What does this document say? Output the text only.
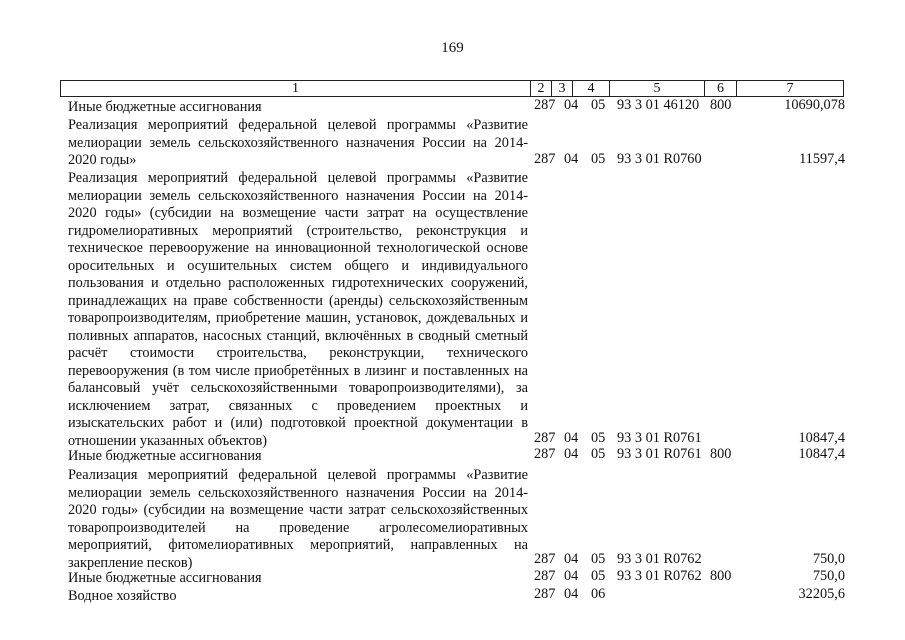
169
1	2	3	4	5	6	7
Иные бюджетные ассигнования	287 04 05 93 3 01 46120 800	10690,078
Реализация мероприятий федеральной целевой программы «Развитие мелиорации земель сельскохозяйственного назначения России на 2014-2020 годы»	287 04 05 93 3 01 R0760	11597,4
Реализация мероприятий федеральной целевой программы «Развитие мелиорации земель сельскохозяйственного назначения России на 2014-2020 годы» (субсидии на возмещение части затрат на осуществление гидромелиоративных мероприятий (строительство, реконструкция и техническое перевооружение на инновационной технологической основе оросительных и осушительных систем общего и индивидуального пользования и отдельно расположенных гидротехнических сооружений, принадлежащих на праве собственности (аренды) сельскохозяйственным товаропроизводителям, приобретение машин, установок, дождевальных и поливных аппаратов, насосных станций, включённых в сводный сметный расчёт стоимости строительства, реконструкции, технического перевооружения (в том числе приобретённых в лизинг и поставленных на балансовый учёт сельскохозяйственными товаропроизводителями), за исключением затрат, связанных с проведением проектных и изыскательских работ и (или) подготовкой проектной документации в отношении указанных объектов)	287 04 05 93 3 01 R0761	10847,4
Иные бюджетные ассигнования	287 04 05 93 3 01 R0761 800	10847,4
Реализация мероприятий федеральной целевой программы «Развитие мелиорации земель сельскохозяйственного назначения России на 2014-2020 годы» (субсидии на возмещение части затрат сельскохозяйственных товаропроизводителей на проведение агролесомелиоративных мероприятий, фитомелиоративных мероприятий, направленных на закрепление песков)	287 04 05 93 3 01 R0762	750,0
Иные бюджетные ассигнования	287 04 05 93 3 01 R0762 800	750,0
Водное хозяйство	287 04 06	32205,6
